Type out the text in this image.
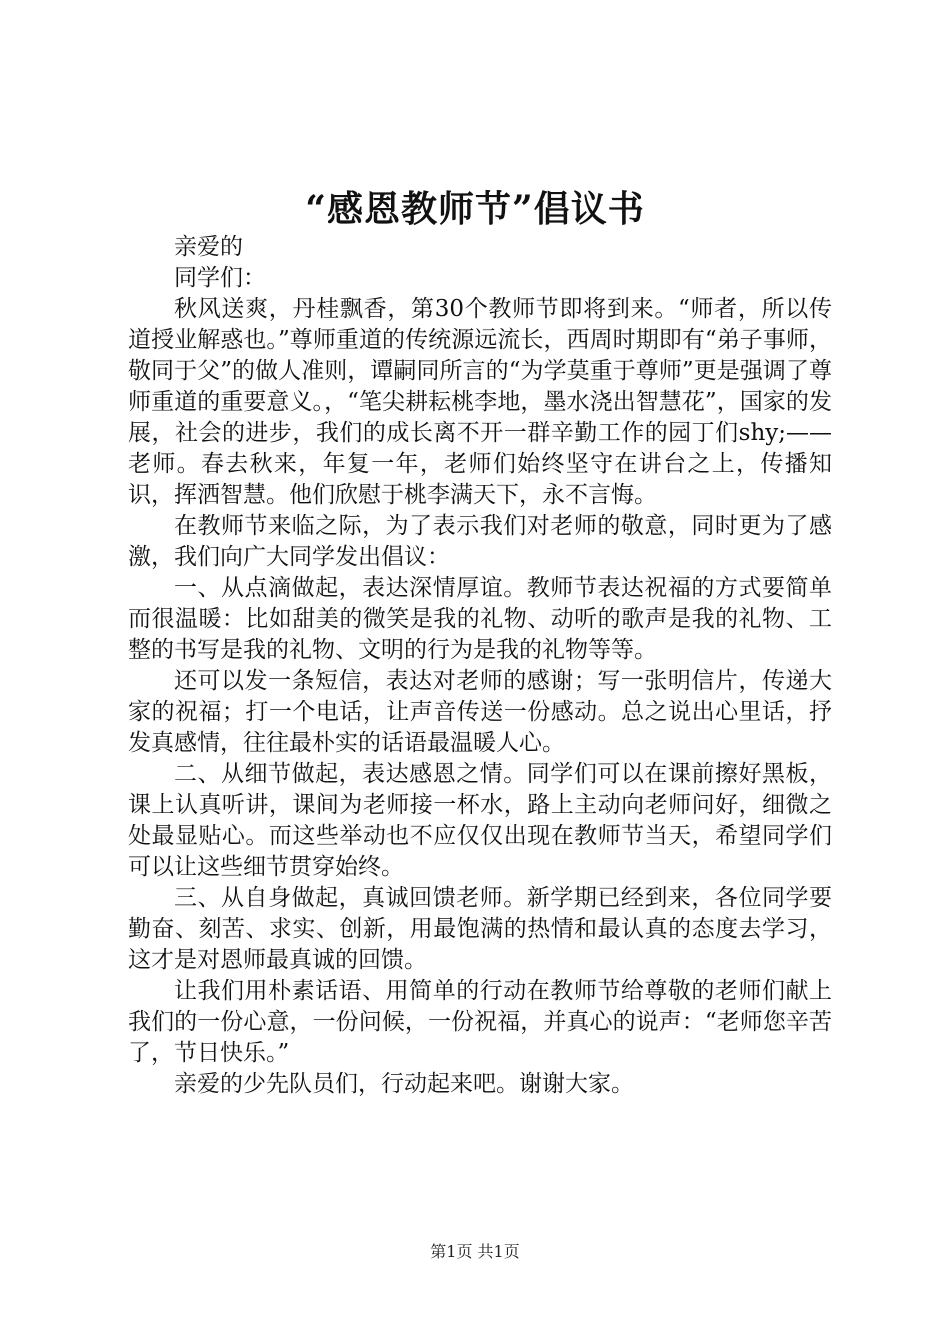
“感恩教师节”倡议书

亲爱的

同学们：

秋风送爽，丹桂飘香，第30个教师节即将到来。“师者，所以传道授业解惑也。”尊师重道的传统源远流长，西周时期即有“弟子事师，敬同于父”的做人准则，谭嗣同所言的“为学莫重于尊师”更是强调了尊师重道的重要意义。，“笔尖耕耘桃李地，墨水浇出智慧花”，国家的发展，社会的进步，我们的成长离不开一群辛勤工作的园丁们shy;——老师。春去秋来，年复一年，老师们始终坚守在讲台之上，传播知识，挥洒智慧。他们欣慰于桃李满天下，永不言悔。

在教师节来临之际，为了表示我们对老师的敬意，同时更为了感激，我们向广大同学发出倡议：

一、从点滴做起，表达深情厚谊。教师节表达祝福的方式要简单而很温暖：比如甜美的微笑是我的礼物、动听的歌声是我的礼物、工整的书写是我的礼物、文明的行为是我的礼物等等。

还可以发一条短信，表达对老师的感谢；写一张明信片，传递大家的祝福；打一个电话，让声音传送一份感动。总之说出心里话，抒发真感情，往往最朴实的话语最温暖人心。

二、从细节做起，表达感恩之情。同学们可以在课前擦好黑板，课上认真听讲，课间为老师接一杯水，路上主动向老师问好，细微之处最显贴心。而这些举动也不应仅仅出现在教师节当天，希望同学们可以让这些细节贯穿始终。

三、从自身做起，真诚回馈老师。新学期已经到来，各位同学要勤奋、刻苦、求实、创新，用最饱满的热情和最认真的态度去学习，这才是对恩师最真诚的回馈。

让我们用朴素话语、用简单的行动在教师节给尊敬的老师们献上我们的一份心意，一份问候，一份祝福，并真心的说声：“老师您辛苦了，节日快乐。”

亲爱的少先队员们，行动起来吧。谢谢大家。

第1页 共1页
